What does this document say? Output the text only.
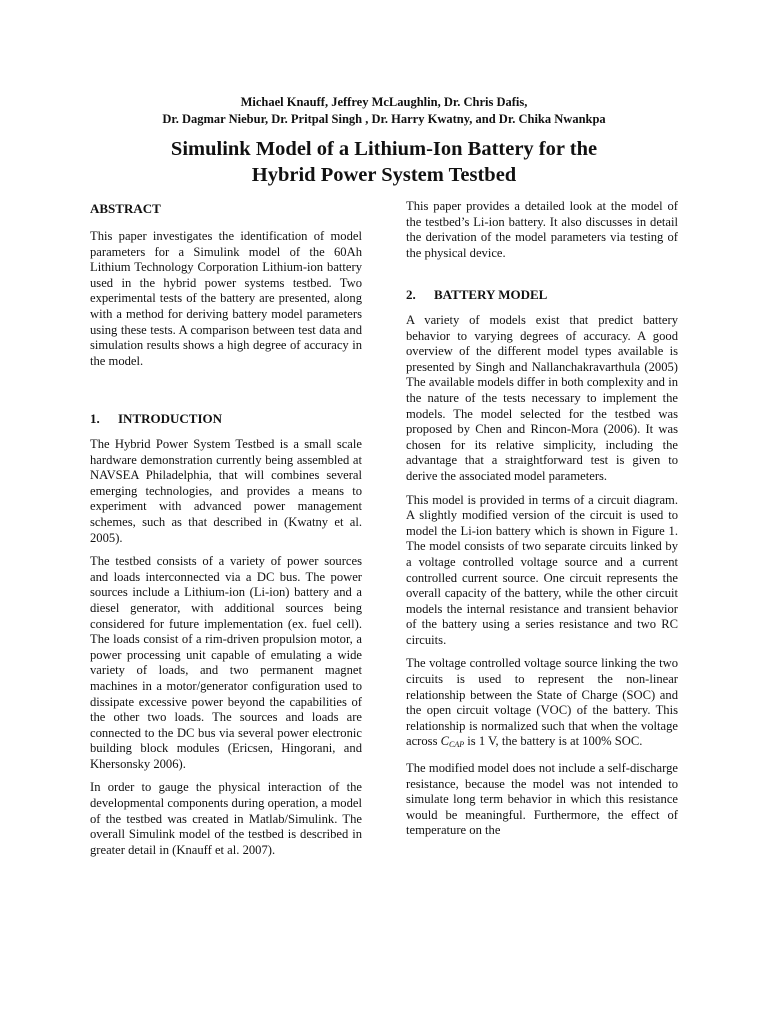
Michael Knauff, Jeffrey McLaughlin, Dr. Chris Dafis,
Dr. Dagmar Niebur, Dr. Pritpal Singh , Dr. Harry Kwatny, and Dr. Chika Nwankpa
Simulink Model of a Lithium-Ion Battery for the
Hybrid Power System Testbed
ABSTRACT

This paper investigates the identification of model parameters for a Simulink model of the 60Ah Lithium Technology Corporation Lithium-ion battery used in the hybrid power systems testbed. Two experimental tests of the battery are presented, along with a method for deriving battery model parameters using these tests. A comparison between test data and simulation results shows a high degree of accuracy in the model.

1. INTRODUCTION

The Hybrid Power System Testbed is a small scale hardware demonstration currently being assembled at NAVSEA Philadelphia, that will combines several emerging technologies, and provides a means to experiment with advanced power management schemes, such as that described in (Kwatny et al. 2005).

The testbed consists of a variety of power sources and loads interconnected via a DC bus. The power sources include a Lithium-ion (Li-ion) battery and a diesel generator, with additional sources being considered for future implementation (ex. fuel cell). The loads consist of a rim-driven propulsion motor, a power processing unit capable of emulating a wide variety of loads, and two permanent magnet machines in a motor/generator configuration used to dissipate excessive power beyond the capabilities of the other two loads. The sources and loads are connected to the DC bus via several power electronic building block modules (Ericsen, Hingorani, and Khersonsky 2006).

In order to gauge the physical interaction of the developmental components during operation, a model of the testbed was created in Matlab/Simulink. The overall Simulink model of the testbed is described in greater detail in (Knauff et al. 2007).

This paper provides a detailed look at the model of the testbed’s Li-ion battery. It also discusses in detail the derivation of the model parameters via testing of the physical device.

2. BATTERY MODEL

A variety of models exist that predict battery behavior to varying degrees of accuracy. A good overview of the different model types available is presented by Singh and Nallanchakravarthula (2005) The available models differ in both complexity and in the nature of the tests necessary to implement the models. The model selected for the testbed was proposed by Chen and Rincon-Mora (2006). It was chosen for its relative simplicity, including the advantage that a straightforward test is given to derive the associated model parameters.

This model is provided in terms of a circuit diagram. A slightly modified version of the circuit is used to model the Li-ion battery which is shown in Figure 1. The model consists of two separate circuits linked by a voltage controlled voltage source and a current controlled current source. One circuit represents the overall capacity of the battery, while the other circuit models the internal resistance and transient behavior of the battery using a series resistance and two RC circuits.

The voltage controlled voltage source linking the two circuits is used to represent the non-linear relationship between the State of Charge (SOC) and the open circuit voltage (VOC) of the battery. This relationship is normalized such that when the voltage across $C_{CAP}$ is 1 V, the battery is at 100% SOC.

The modified model does not include a self-discharge resistance, because the model was not intended to simulate long term behavior in which this resistance would be meaningful. Furthermore, the effect of temperature on the
